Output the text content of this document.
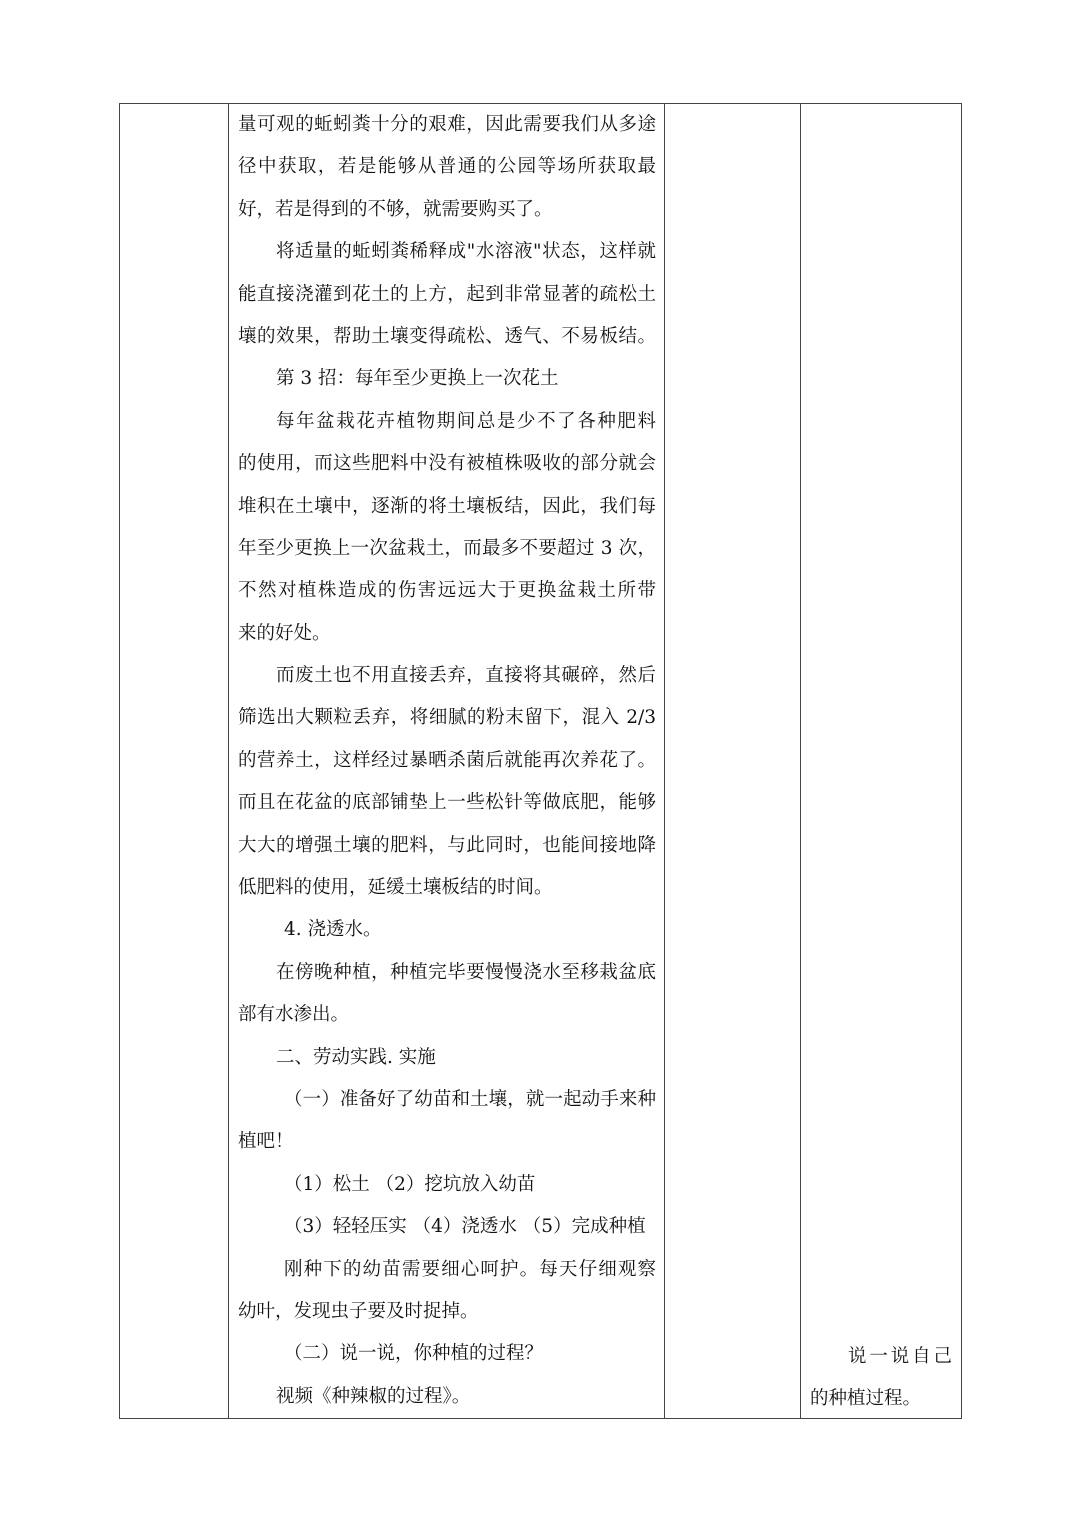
量可观的蚯蚓粪十分的艰难，因此需要我们从多途
径中获取，若是能够从普通的公园等场所获取最
好，若是得到的不够，就需要购买了。
将适量的蚯蚓粪稀释成"水溶液"状态，这样就
能直接浇灌到花土的上方，起到非常显著的疏松土
壤的效果，帮助土壤变得疏松、透气、不易板结。
第 3 招：每年至少更换上一次花土
每年盆栽花卉植物期间总是少不了各种肥料
的使用，而这些肥料中没有被植株吸收的部分就会
堆积在土壤中，逐渐的将土壤板结，因此，我们每
年至少更换上一次盆栽土，而最多不要超过 3 次，
不然对植株造成的伤害远远大于更换盆栽土所带
来的好处。
而废土也不用直接丢弃，直接将其碾碎，然后
筛选出大颗粒丢弃，将细腻的粉末留下，混入 2/3
的营养土，这样经过暴晒杀菌后就能再次养花了。
而且在花盆的底部铺垫上一些松针等做底肥，能够
大大的增强土壤的肥料，与此同时，也能间接地降
低肥料的使用，延缓土壤板结的时间。
4. 浇透水。
在傍晚种植，种植完毕要慢慢浇水至移栽盆底
部有水渗出。
二、劳动实践. 实施
（一）准备好了幼苗和土壤，就一起动手来种
植吧！
（1）松土 （2）挖坑放入幼苗
（3）轻轻压实 （4）浇透水 （5）完成种植
刚种下的幼苗需要细心呵护。每天仔细观察
幼叶，发现虫子要及时捉掉。
（二）说一说，你种植的过程？
视频《种辣椒的过程》。
说一说自己
的种植过程。
